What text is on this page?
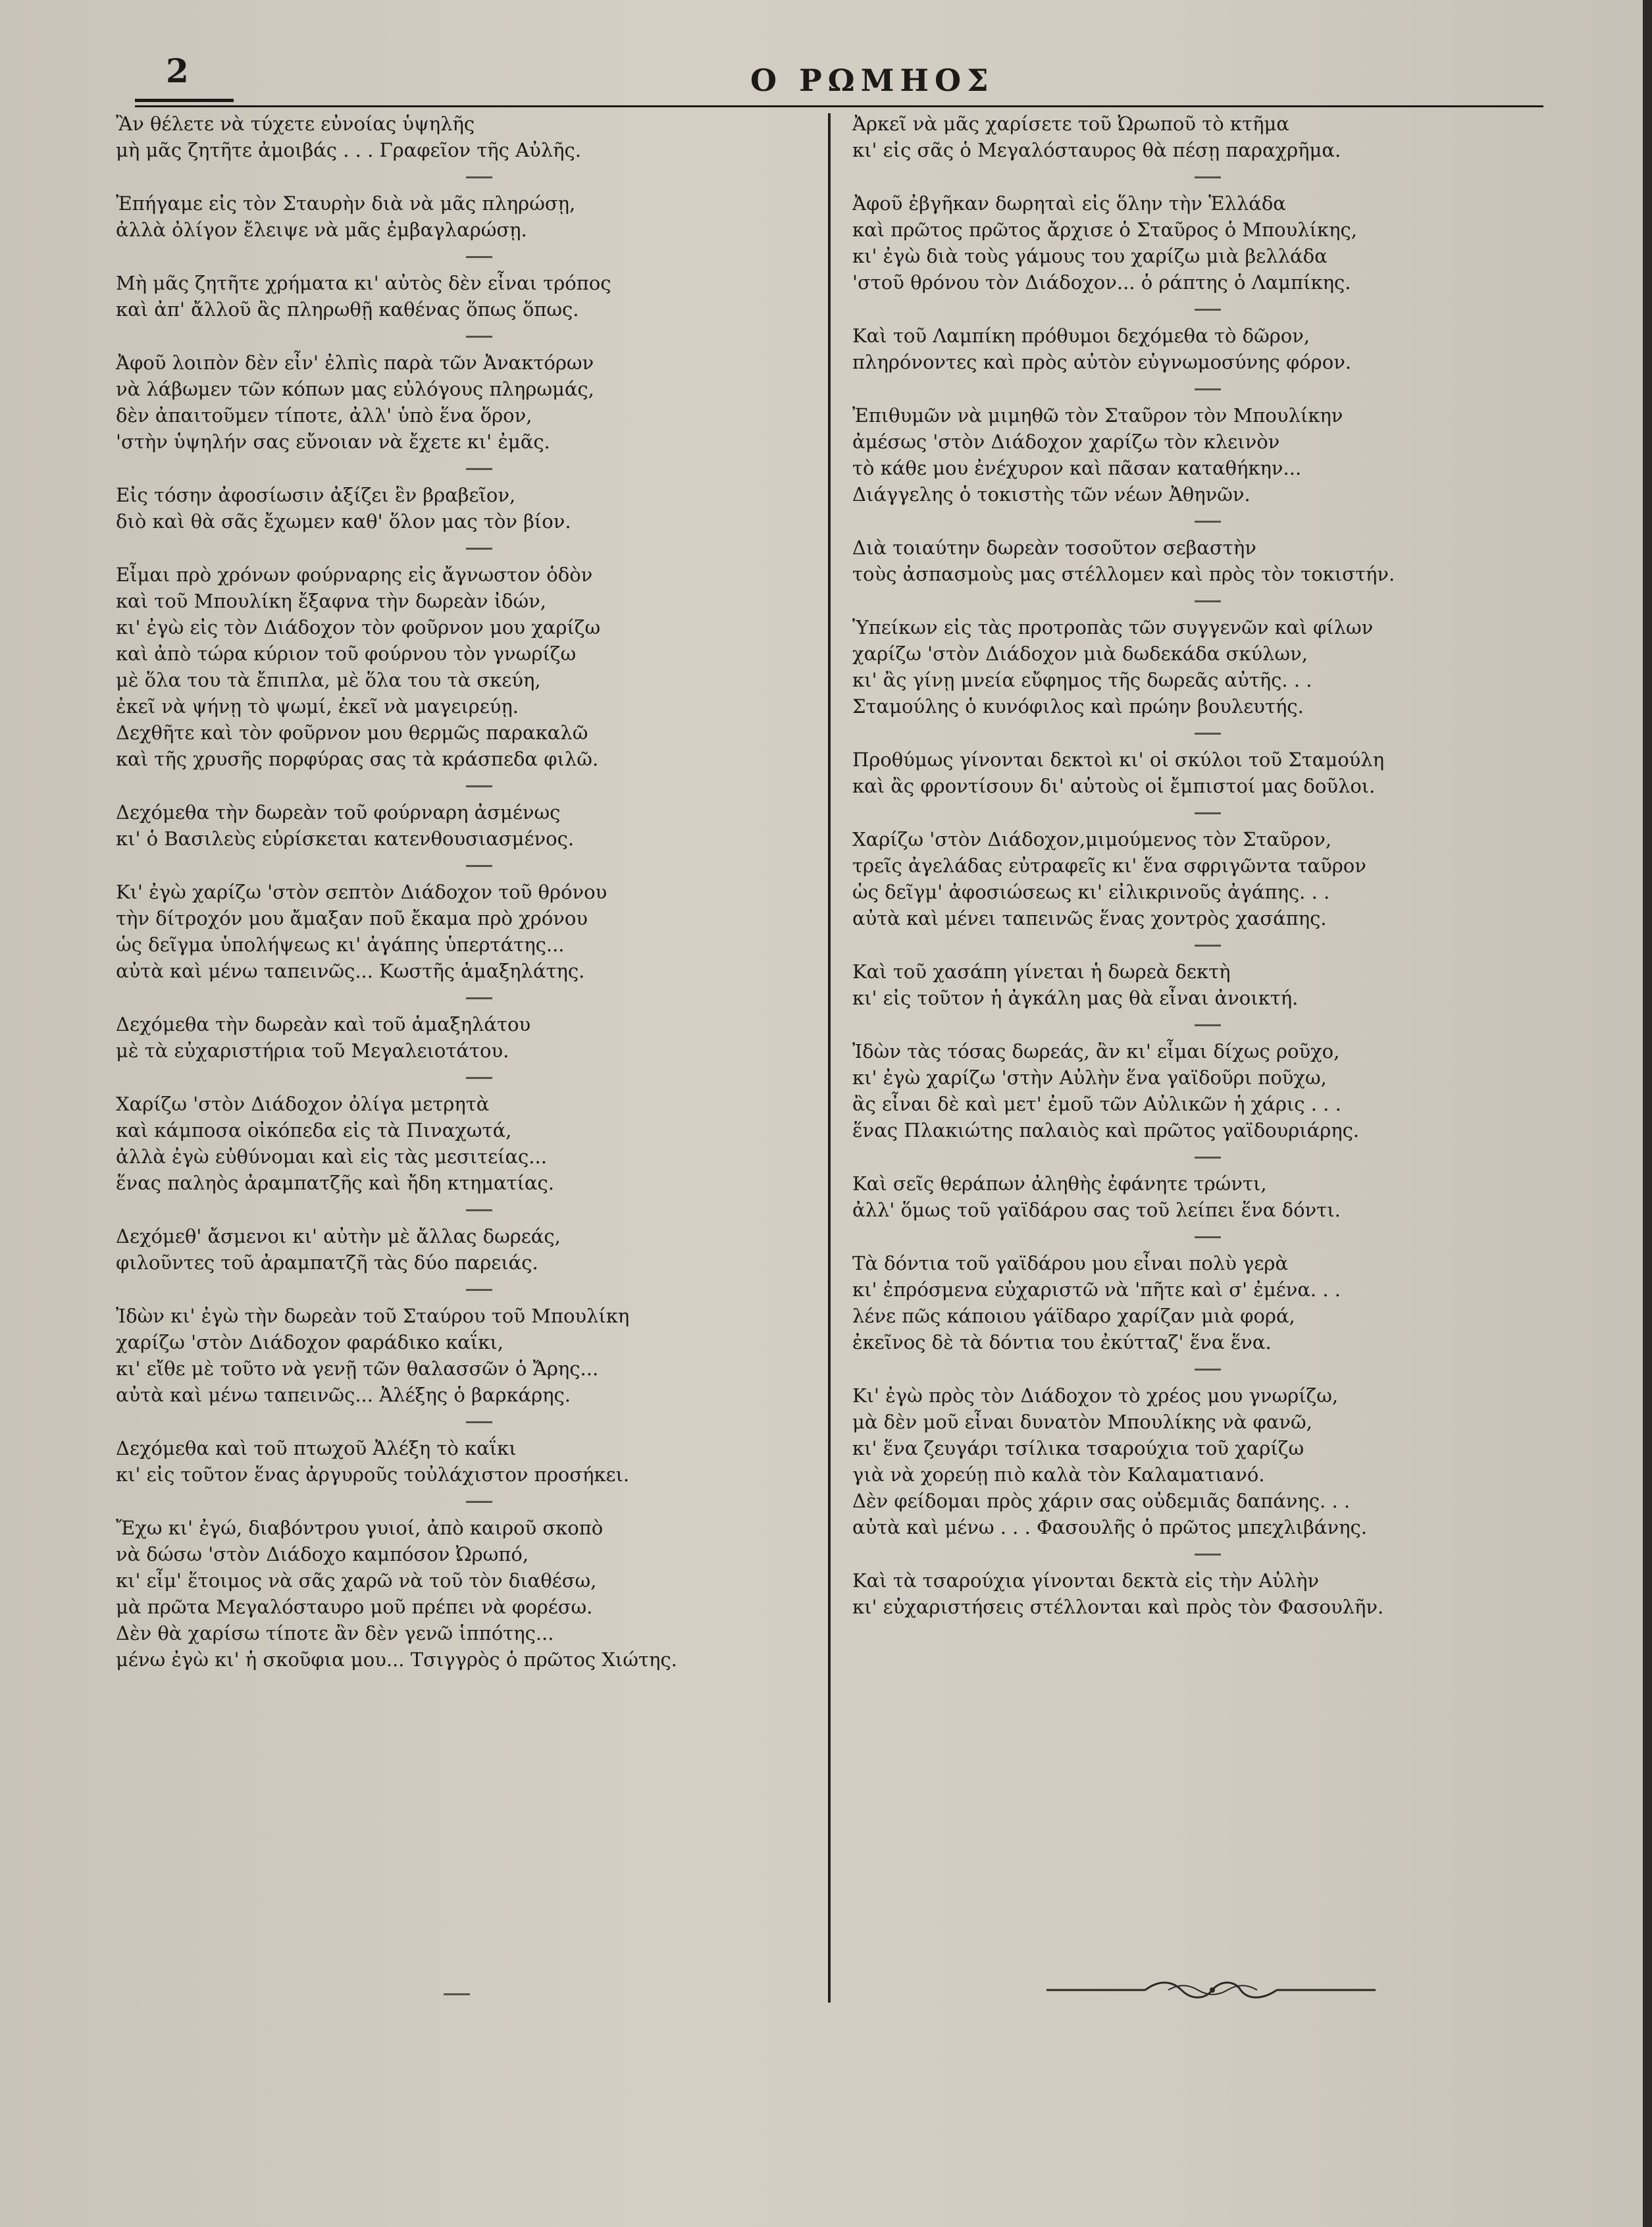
2	Ο ΡΩΜΗΟΣ
Ἂν θέλετε νὰ τύχετε εὐνοίας ὑψηλῆς
μὴ μᾶς ζητῆτε ἀμοιβάς . . . Γραφεῖον τῆς Αὐλῆς.
Ἐπήγαμε εἰς τὸν Σταυρὴν διὰ νὰ μᾶς πληρώσῃ,
ἀλλὰ ὀλίγον ἔλειψε νὰ μᾶς ἐμβαγλαρώσῃ.
Μὴ μᾶς ζητῆτε χρήματα κι' αὐτὸς δὲν εἶναι τρόπος
καὶ ἀπ' ἄλλοῦ ἂς πληρωθῇ καθένας ὅπως ὅπως.
Ἀφοῦ λοιπὸν δὲν εἶν' ἐλπὶς παρὰ τῶν Ἀνακτόρων
νὰ λάβωμεν τῶν κόπων μας εὐλόγους πληρωμάς,
δὲν ἀπαιτοῦμεν τίποτε, ἀλλ' ὑπὸ ἕνα ὅρον,
'στὴν ὑψηλήν σας εὔνοιαν νὰ ἔχετε κι' ἐμᾶς.
Εἰς τόσην ἀφοσίωσιν ἀξίζει ἓν βραβεῖον,
διὸ καὶ θὰ σᾶς ἔχωμεν καθ' ὅλον μας τὸν βίον.
Εἶμαι πρὸ χρόνων φούρναρης εἰς ἄγνωστον ὁδὸν
καὶ τοῦ Μπουλίκη ἔξαφνα τὴν δωρεὰν ἰδών,
κι' ἐγὼ εἰς τὸν Διάδοχον τὸν φοῦρνον μου χαρίζω
καὶ ἀπὸ τώρα κύριον τοῦ φούρνου τὸν γνωρίζω
μὲ ὅλα του τὰ ἔπιπλα, μὲ ὅλα του τὰ σκεύη,
ἐκεῖ νὰ ψήνῃ τὸ ψωμί, ἐκεῖ νὰ μαγειρεύῃ.
Δεχθῆτε καὶ τὸν φοῦρνον μου θερμῶς παρακαλῶ
καὶ τῆς χρυσῆς πορφύρας σας τὰ κράσπεδα φιλῶ.
Δεχόμεθα τὴν δωρεὰν τοῦ φούρναρη ἀσμένως
κι' ὁ Βασιλεὺς εὑρίσκεται κατενθουσιασμένος.
Κι' ἐγὼ χαρίζω 'στὸν σεπτὸν Διάδοχον τοῦ θρόνου
τὴν δίτροχόν μου ἄμαξαν ποῦ ἔκαμα πρὸ χρόνου
ὡς δεῖγμα ὑπολήψεως κι' ἀγάπης ὑπερτάτης...
αὐτὰ καὶ μένω ταπεινῶς... Κωστῆς ἁμαξηλάτης.
Δεχόμεθα τὴν δωρεὰν καὶ τοῦ ἁμαξηλάτου
μὲ τὰ εὐχαριστήρια τοῦ Μεγαλειοτάτου.
Χαρίζω 'στὸν Διάδοχον ὀλίγα μετρητὰ
καὶ κάμποσα οἰκόπεδα εἰς τὰ Πιναχωτά,
ἀλλὰ ἐγὼ εὐθύνομαι καὶ εἰς τὰς μεσιτείας...
ἕνας παληὸς ἀραμπατζῆς καὶ ἤδη κτηματίας.
Δεχόμεθ' ἄσμενοι κι' αὐτὴν μὲ ἄλλας δωρεάς,
φιλοῦντες τοῦ ἀραμπατζῆ τὰς δύο παρειάς.
Ἰδὼν κι' ἐγὼ τὴν δωρεὰν τοῦ Σταύρου τοῦ Μπουλίκη
χαρίζω 'στὸν Διάδοχον φαράδικο καΐκι,
κι' εἴθε μὲ τοῦτο νὰ γενῇ τῶν θαλασσῶν ὁ Ἄρης...
αὐτὰ καὶ μένω ταπεινῶς... Ἀλέξης ὁ βαρκάρης.
Δεχόμεθα καὶ τοῦ πτωχοῦ Ἀλέξη τὸ καΐκι
κι' εἰς τοῦτον ἕνας ἀργυροῦς τοὐλάχιστον προσήκει.
Ἔχω κι' ἐγώ, διαβόντρου γυιοί, ἀπὸ καιροῦ σκοπὸ
νὰ δώσω 'στὸν Διάδοχο καμπόσον Ὠρωπό,
κι' εἶμ' ἕτοιμος νὰ σᾶς χαρῶ νὰ τοῦ τὸν διαθέσω,
μὰ πρῶτα Μεγαλόσταυρο μοῦ πρέπει νὰ φορέσω.
Δὲν θὰ χαρίσω τίποτε ἂν δὲν γενῶ ἱππότης...
μένω ἐγὼ κι' ἡ σκοῦφια μου... Τσιγγρὸς ὁ πρῶτος Χιώτης.
Ἀρκεῖ νὰ μᾶς χαρίσετε τοῦ Ὠρωποῦ τὸ κτῆμα
κι' εἰς σᾶς ὁ Μεγαλόσταυρος θὰ πέσῃ παραχρῆμα.
Ἀφοῦ ἐβγῆκαν δωρηταὶ εἰς ὅλην τὴν Ἑλλάδα
καὶ πρῶτος πρῶτος ἄρχισε ὁ Σταῦρος ὁ Μπουλίκης,
κι' ἐγὼ διὰ τοὺς γάμους του χαρίζω μιὰ βελλάδα
'στοῦ θρόνου τὸν Διάδοχον... ὁ ράπτης ὁ Λαμπίκης.
Καὶ τοῦ Λαμπίκη πρόθυμοι δεχόμεθα τὸ δῶρον,
πληρόνοντες καὶ πρὸς αὐτὸν εὐγνωμοσύνης φόρον.
Ἐπιθυμῶν νὰ μιμηθῶ τὸν Σταῦρον τὸν Μπουλίκην
ἀμέσως 'στὸν Διάδοχον χαρίζω τὸν κλεινὸν
τὸ κάθε μου ἐνέχυρον καὶ πᾶσαν καταθήκην...
Διάγγελης ὁ τοκιστὴς τῶν νέων Ἀθηνῶν.
Διὰ τοιαύτην δωρεὰν τοσοῦτον σεβαστὴν
τοὺς ἀσπασμοὺς μας στέλλομεν καὶ πρὸς τὸν τοκιστήν.
Ὑπείκων εἰς τὰς προτροπὰς τῶν συγγενῶν καὶ φίλων
χαρίζω 'στὸν Διάδοχον μιὰ δωδεκάδα σκύλων,
κι' ἂς γίνῃ μνεία εὔφημος τῆς δωρεᾶς αὐτῆς. . .
Σταμούλης ὁ κυνόφιλος καὶ πρώην βουλευτής.
Προθύμως γίνονται δεκτοὶ κι' οἱ σκύλοι τοῦ Σταμούλη
καὶ ἂς φροντίσουν δι' αὐτοὺς οἱ ἔμπιστοί μας δοῦλοι.
Χαρίζω 'στὸν Διάδοχον,μιμούμενος τὸν Σταῦρον,
τρεῖς ἀγελάδας εὐτραφεῖς κι' ἕνα σφριγῶντα ταῦρον
ὡς δεῖγμ' ἀφοσιώσεως κι' εἰλικρινοῦς ἀγάπης. . .
αὐτὰ καὶ μένει ταπεινῶς ἕνας χοντρὸς χασάπης.
Καὶ τοῦ χασάπη γίνεται ἡ δωρεὰ δεκτὴ
κι' εἰς τοῦτον ἡ ἀγκάλη μας θὰ εἶναι ἀνοικτή.
Ἰδὼν τὰς τόσας δωρεάς, ἂν κι' εἶμαι δίχως ροῦχο,
κι' ἐγὼ χαρίζω 'στὴν Αὐλὴν ἕνα γαϊδοῦρι ποῦχω,
ἂς εἶναι δὲ καὶ μετ' ἐμοῦ τῶν Αὐλικῶν ἡ χάρις . . .
ἕνας Πλακιώτης παλαιὸς καὶ πρῶτος γαϊδουριάρης.
Καὶ σεῖς θεράπων ἀληθὴς ἐφάνητε τρώντι,
ἀλλ' ὅμως τοῦ γαϊδάρου σας τοῦ λείπει ἕνα δόντι.
Τὰ δόντια τοῦ γαϊδάρου μου εἶναι πολὺ γερὰ
κι' ἐπρόσμενα εὐχαριστῶ νὰ 'πῆτε καὶ σ' ἐμένα. . .
λένε πῶς κάποιου γάϊδαρο χαρίζαν μιὰ φορά,
ἐκεῖνος δὲ τὰ δόντια του ἐκύτταζ' ἕνα ἕνα.
Κι' ἐγὼ πρὸς τὸν Διάδοχον τὸ χρέος μου γνωρίζω,
μὰ δὲν μοῦ εἶναι δυνατὸν Μπουλίκης νὰ φανῶ,
κι' ἕνα ζευγάρι τσίλικα τσαρούχια τοῦ χαρίζω
γιὰ νὰ χορεύῃ πιὸ καλὰ τὸν Καλαματιανό.
Δὲν φείδομαι πρὸς χάριν σας οὐδεμιᾶς δαπάνης. . .
αὐτὰ καὶ μένω . . . Φασουλῆς ὁ πρῶτος μπεχλιβάνης.
Καὶ τὰ τσαρούχια γίνονται δεκτὰ εἰς τὴν Αὐλὴν
κι' εὐχαριστήσεις στέλλονται καὶ πρὸς τὸν Φασουλῆν.
